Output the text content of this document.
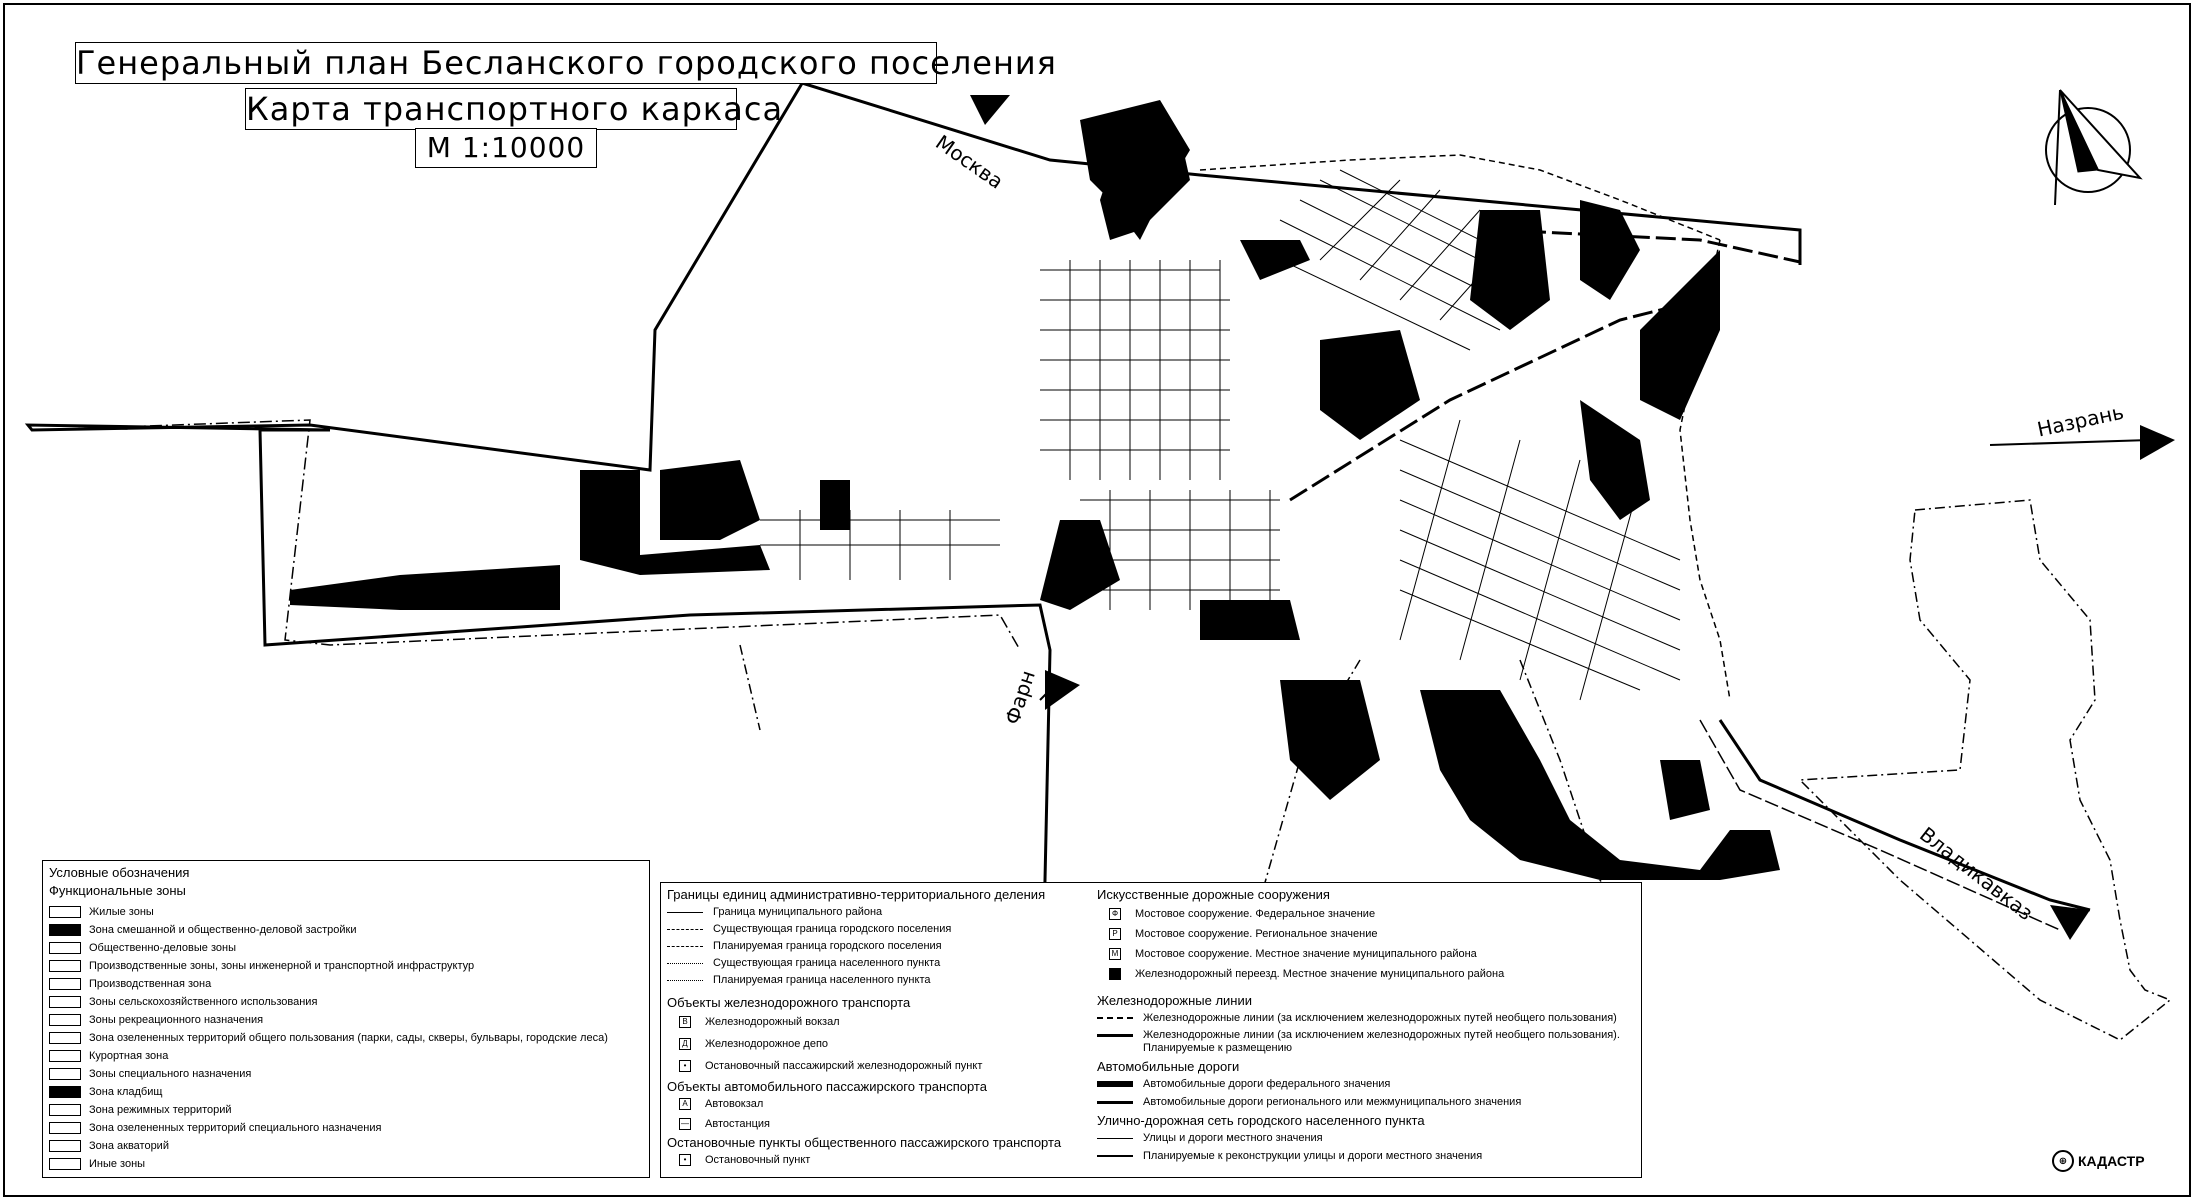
Генеральный план Бесланского городского поселения
Карта транспортного каркаса
М 1:10000	Москва
Назрань
Фарн
Владикавказ
Условные обозначения
Функциональные зоны
Жилые зоны
Зона смешанной и общественно-деловой застройки
Общественно-деловые зоны
Производственные зоны, зоны инженерной и транспортной инфраструктур
Производственная зона
Зоны сельскохозяйственного использования
Зоны рекреационного назначения
Зона озелененных территорий общего пользования (парки, сады, скверы, бульвары, городские леса)
Курортная зона
Зоны специального назначения
Зона кладбищ
Зона режимных территорий
Зона озелененных территорий специального назначения
Зона акваторий
Иные зоны
Границы единиц административно-территориального деления
Объекты железнодорожного транспорта
Объекты автомобильного пассажирского транспорта
Остановочные пункты общественного пассажирского транспорта
Искусственные дорожные сооружения
Железнодорожные линии
Автомобильные дороги
Улично-дорожная сеть городского населенного пункта
Граница муниципального района
Существующая граница городского поселения
Планируемая граница городского поселения
Существующая граница населенного пункта
Планируемая граница населенного пункта
В	Железнодорожный вокзал
Д Железнодорожное депо
•	Остановочный пассажирский железнодорожный пункт
А	Автовокзал
— Автостанция
•	Остановочный пункт
Ф Мостовое сооружение. Федеральное значение
Р	Мостовое сооружение. Региональное значение
М Мостовое сооружение. Местное значение муниципального района
П Железнодорожный переезд. Местное значение муниципального района
Железнодорожные линии (за исключением железнодорожных путей необщего пользования)
Железнодорожные линии (за исключением железнодорожных путей необщего пользования).
Планируемые к размещению
Автомобильные дороги федерального значения
Автомобильные дороги регионального или межмуниципального значения
Улицы и дороги местного значения
Планируемые к реконструкции улицы и дороги местного значения	⊕ КАДАСТР
